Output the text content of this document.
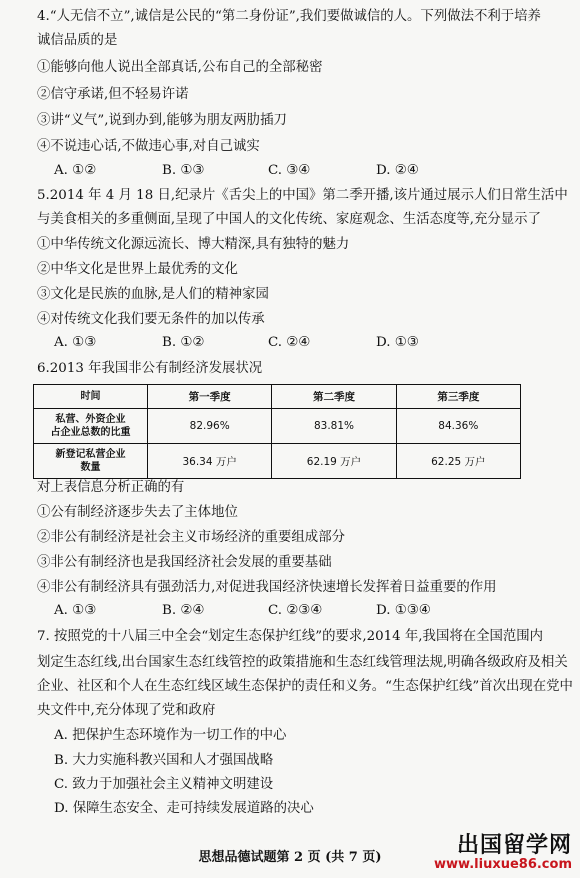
4.“人无信不立”,诚信是公民的“第二身份证”,我们要做诚信的人。下列做法不利于培养
诚信品质的是
①能够向他人说出全部真话,公布自己的全部秘密
②信守承诺,但不轻易许诺
③讲“义气”,说到办到,能够为朋友两肋插刀
④不说违心话,不做违心事,对自己诚实
A. ①②	B. ①③	C. ③④	D. ②④
5.2014 年 4 月 18 日,纪录片《舌尖上的中国》第二季开播,该片通过展示人们日常生活中
与美食相关的多重侧面,呈现了中国人的文化传统、家庭观念、生活态度等,充分显示了
①中华传统文化源远流长、博大精深,具有独特的魅力
②中华文化是世界上最优秀的文化
③文化是民族的血脉,是人们的精神家园
④对传统文化我们要无条件的加以传承
A. ①③	B. ①②	C. ②④	D. ①③
6.2013 年我国非公有制经济发展状况
时间	第一季度	第二季度	第三季度

私营、外资企业
占企业总数的比重	82.96%	83.81%	84.36%

新登记私营企业
数量	36.34 万户	62.19 万户	62.25 万户
对上表信息分析正确的有
①公有制经济逐步失去了主体地位
②非公有制经济是社会主义市场经济的重要组成部分
③非公有制经济也是我国经济社会发展的重要基础
④非公有制经济具有强劲活力,对促进我国经济快速增长发挥着日益重要的作用
A. ①③	B. ②④	C. ②③④	D. ①③④
7. 按照党的十八届三中全会“划定生态保护红线”的要求,2014 年,我国将在全国范围内
划定生态红线,出台国家生态红线管控的政策措施和生态红线管理法规,明确各级政府及相关
企业、社区和个人在生态红线区域生态保护的责任和义务。“生态保护红线”首次出现在党中
央文件中,充分体现了党和政府
A. 把保护生态环境作为一切工作的中心
B. 大力实施科教兴国和人才强国战略
C. 致力于加强社会主义精神文明建设
D. 保障生态安全、走可持续发展道路的决心
思想品德试题第 2 页 (共 7 页)	出国留学网
www.liuxue86.com
